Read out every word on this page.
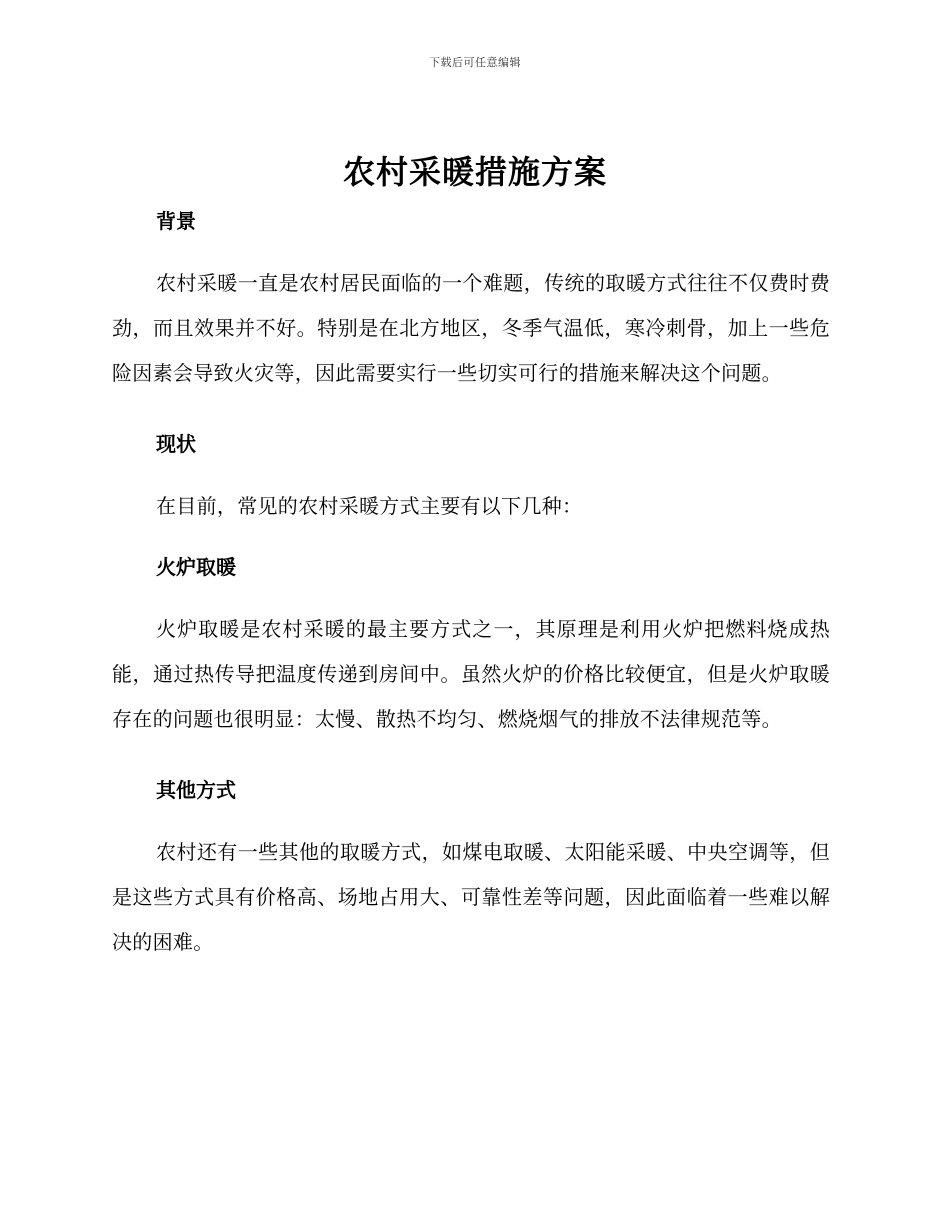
下载后可任意编辑
农村采暖措施方案
背景

农村采暖一直是农村居民面临的一个难题，传统的取暖方式往往不仅费时费劲，而且效果并不好。特别是在北方地区，冬季气温低，寒冷刺骨，加上一些危险因素会导致火灾等，因此需要实行一些切实可行的措施来解决这个问题。

现状

在目前，常见的农村采暖方式主要有以下几种：

火炉取暖

火炉取暖是农村采暖的最主要方式之一，其原理是利用火炉把燃料烧成热能，通过热传导把温度传递到房间中。虽然火炉的价格比较便宜，但是火炉取暖存在的问题也很明显：太慢、散热不均匀、燃烧烟气的排放不法律规范等。

其他方式

农村还有一些其他的取暖方式，如煤电取暖、太阳能采暖、中央空调等，但是这些方式具有价格高、场地占用大、可靠性差等问题，因此面临着一些难以解决的困难。
